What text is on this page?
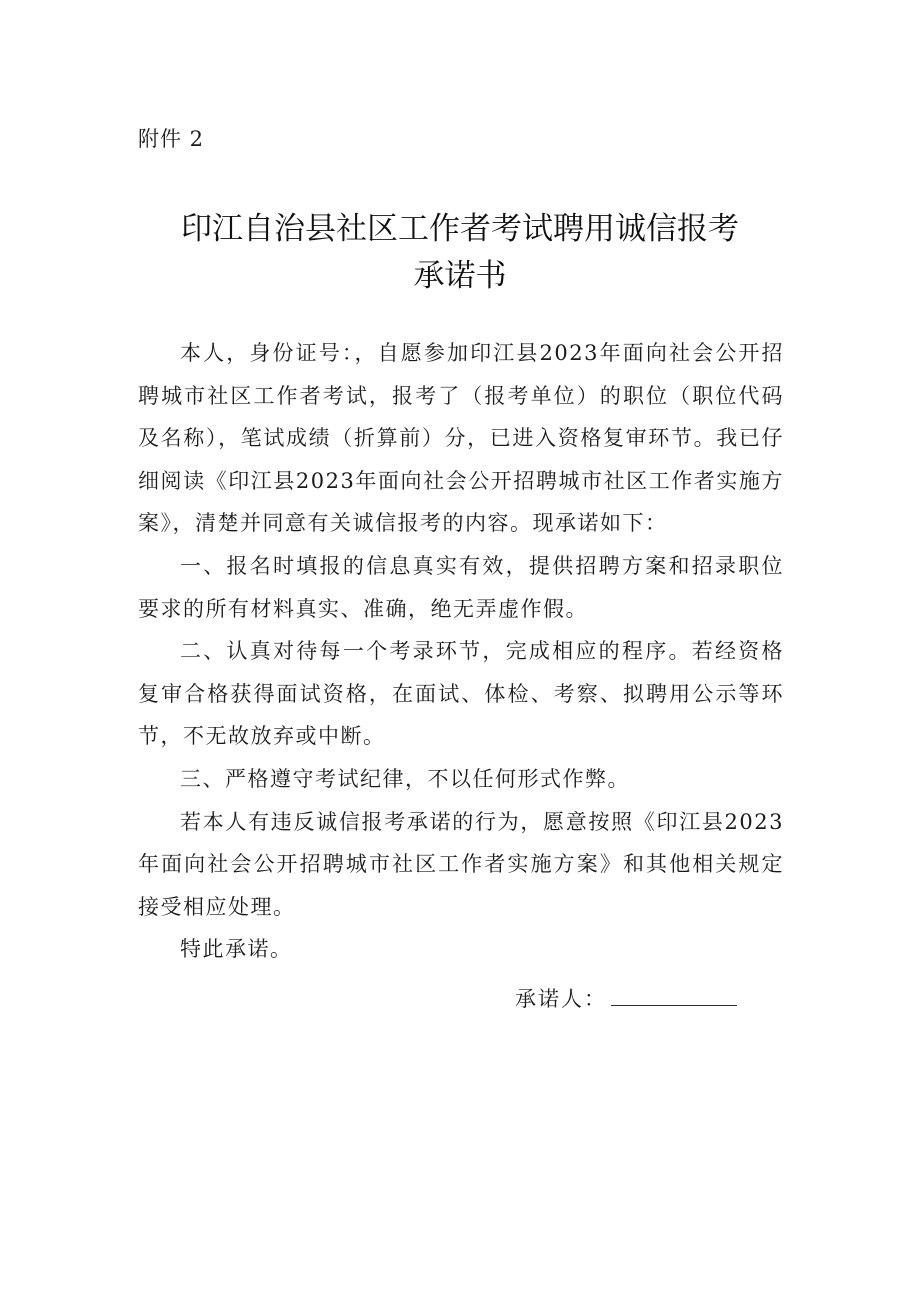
附件 2
印江自治县社区工作者考试聘用诚信报考
承诺书

本人，身份证号：，自愿参加印江县2023年面向社会公开招聘城市社区工作者考试，报考了（报考单位）的职位（职位代码及名称），笔试成绩（折算前）分，已进入资格复审环节。我已仔细阅读《印江县2023年面向社会公开招聘城市社区工作者实施方案》，清楚并同意有关诚信报考的内容。现承诺如下：

一、报名时填报的信息真实有效，提供招聘方案和招录职位要求的所有材料真实、准确，绝无弄虚作假。

二、认真对待每一个考录环节，完成相应的程序。若经资格复审合格获得面试资格，在面试、体检、考察、拟聘用公示等环节，不无故放弃或中断。

三、严格遵守考试纪律，不以任何形式作弊。

若本人有违反诚信报考承诺的行为，愿意按照《印江县2023年面向社会公开招聘城市社区工作者实施方案》和其他相关规定接受相应处理。

特此承诺。

承诺人：
